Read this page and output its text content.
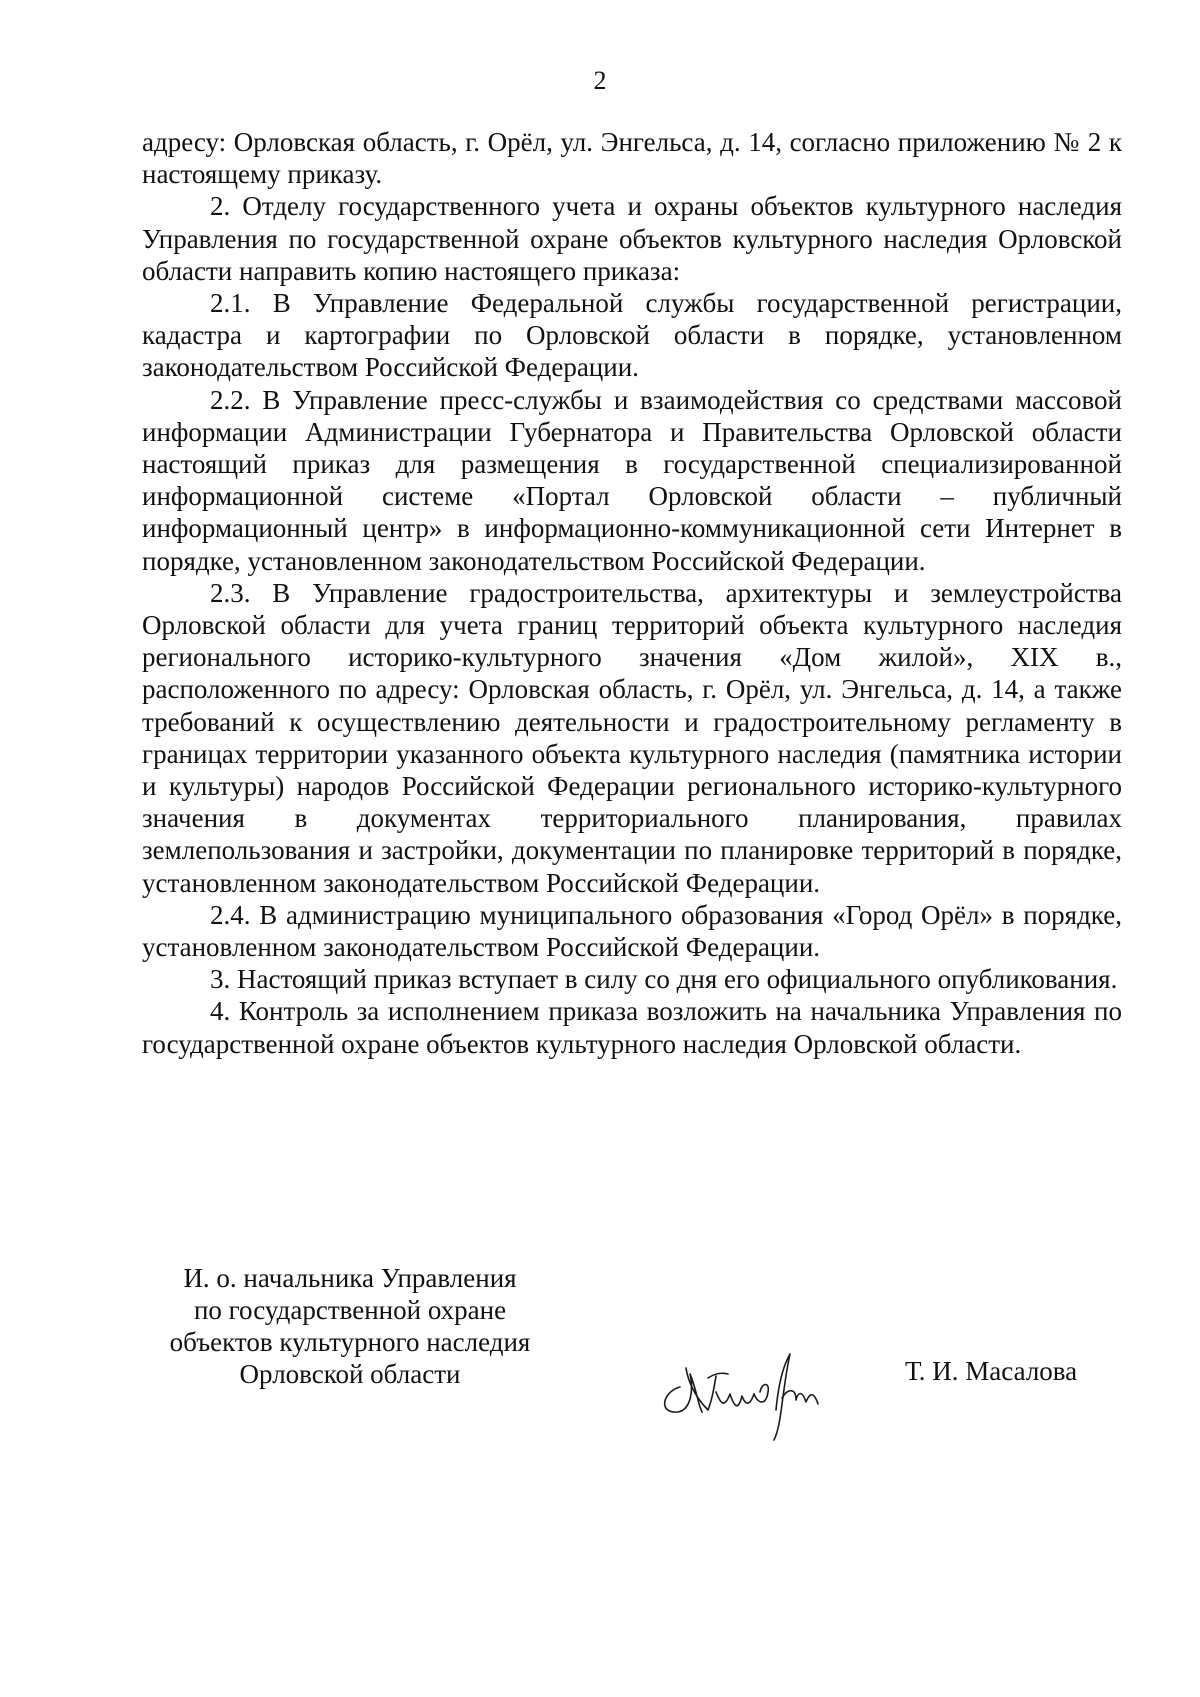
2

адресу: Орловская область, г. Орёл, ул. Энгельса, д. 14, согласно приложению № 2 к настоящему приказу.

2. Отделу государственного учета и охраны объектов культурного наследия Управления по государственной охране объектов культурного наследия Орловской области направить копию настоящего приказа:

2.1. В Управление Федеральной службы государственной регистрации, кадастра и картографии по Орловской области в порядке, установленном законодательством Российской Федерации.

2.2. В Управление пресс-службы и взаимодействия со средствами массовой информации Администрации Губернатора и Правительства Орловской области настоящий приказ для размещения в государственной специализированной информационной системе «Портал Орловской области – публичный информационный центр» в информационно-коммуникационной сети Интернет в порядке, установленном законодательством Российской Федерации.

2.3. В Управление градостроительства, архитектуры и землеустройства Орловской области для учета границ территорий объекта культурного наследия регионального историко-культурного значения «Дом жилой», XIX в., расположенного по адресу: Орловская область, г. Орёл, ул. Энгельса, д. 14, а также требований к осуществлению деятельности и градостроительному регламенту в границах территории указанного объекта культурного наследия (памятника истории и культуры) народов Российской Федерации регионального историко-культурного значения в документах территориального планирования, правилах землепользования и застройки, документации по планировке территорий в порядке, установленном законодательством Российской Федерации.

2.4. В администрацию муниципального образования «Город Орёл» в порядке, установленном законодательством Российской Федерации.

3. Настоящий приказ вступает в силу со дня его официального опубликования.

4. Контроль за исполнением приказа возложить на начальника Управления по государственной охране объектов культурного наследия Орловской области.

И. о. начальника Управления
по государственной охране
объектов культурного наследия
Орловской области	Т. И. Масалова
